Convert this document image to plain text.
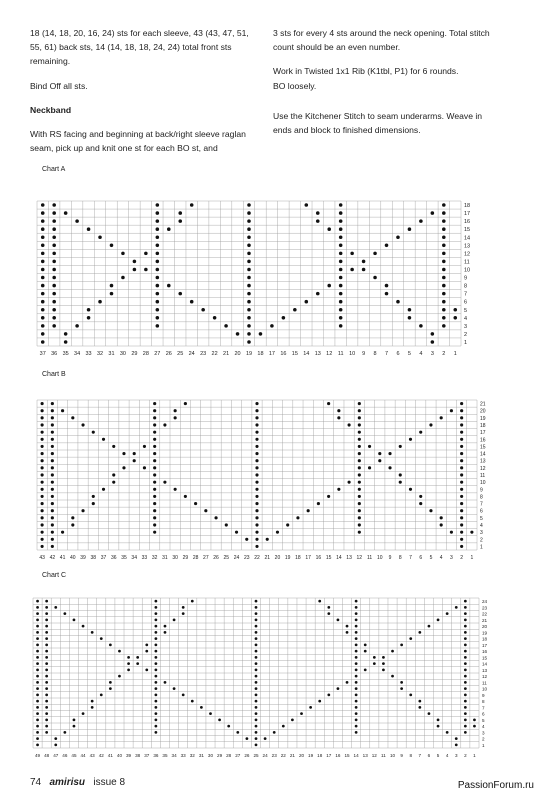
18 (14, 18, 20, 16, 24) sts for each sleeve, 43 (43, 47, 51, 55, 61) back sts, 14 (14, 18, 18, 24, 24) total front sts remaining.

Bind Off all sts.

Neckband

With RS facing and beginning at back/right sleeve raglan seam, pick up and knit one st for each BO st, and

3 sts for every 4 sts around the neck opening. Total stitch count should be an even number.

Work in Twisted 1x1 Rib (K1tbl, P1) for 6 rounds.

BO loosely.

Use the Kitchener Stitch to seam underarms. Weave in ends and block to finished dimensions.

Chart A
37 36 35 34 33 32 31 30 29 28 27 26 25 24 23 22 21 20 19 18 17 16 15 14 13 12 11 10 9 8 7 6 5 4 3 2 1
18
17
16
15
14
13
12
11
10
9
8
7
6
5
4
3
2
1
Chart B
43 42 41 40 39 38 37 36 35 34 33 32 31 30 29 28 27 26 25 24 23 22 21 20 19 18 17 16 15 14 13 12 11 10 9 8 7 6 5 4 3 2 1
21
20
19
18
17
16
15
14
13
12
11
10
9
8
7
6
5
4
3
2
1
Chart C
49 48 47 46 45 44 43 42 41 40 39 38 37 36 35 34 33 32 31 30 29 28 27 26 25 24 23 22 21 20 19 18 17 16 15 14 13 12 11 10 9 8 7 6 5 4 3 2 1
24
23
22
21
20
19
18
17
16
15
14
13
12
11
10
9
8
7
6
5
4
3
2
1
74 amirisu issue 8	PassionForum.ru
